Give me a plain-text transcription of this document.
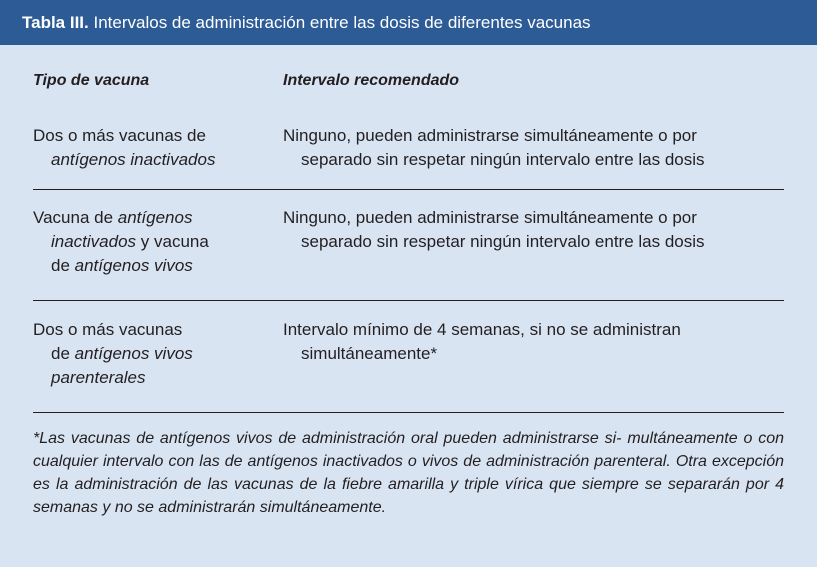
Tabla III. Intervalos de administración entre las dosis de diferentes vacunas
Tipo de vacuna	Intervalo recomendado
Dos o más vacunas de
antígenos inactivados
Ninguno, pueden administrarse simultáneamente o por
separado sin respetar ningún intervalo entre las dosis
Vacuna de antígenos
inactivados y vacuna
de antígenos vivos
Ninguno, pueden administrarse simultáneamente o por
separado sin respetar ningún intervalo entre las dosis
Dos o más vacunas
de antígenos vivos
parenterales
Intervalo mínimo de 4 semanas, si no se administran
simultáneamente*
*Las vacunas de antígenos vivos de administración oral pueden administrarse si- multáneamente o con cualquier intervalo con las de antígenos inactivados o vivos de administración parenteral. Otra excepción es la administración de las vacunas de la fiebre amarilla y triple vírica que siempre se separarán por 4 semanas y no se administrarán simultáneamente.
